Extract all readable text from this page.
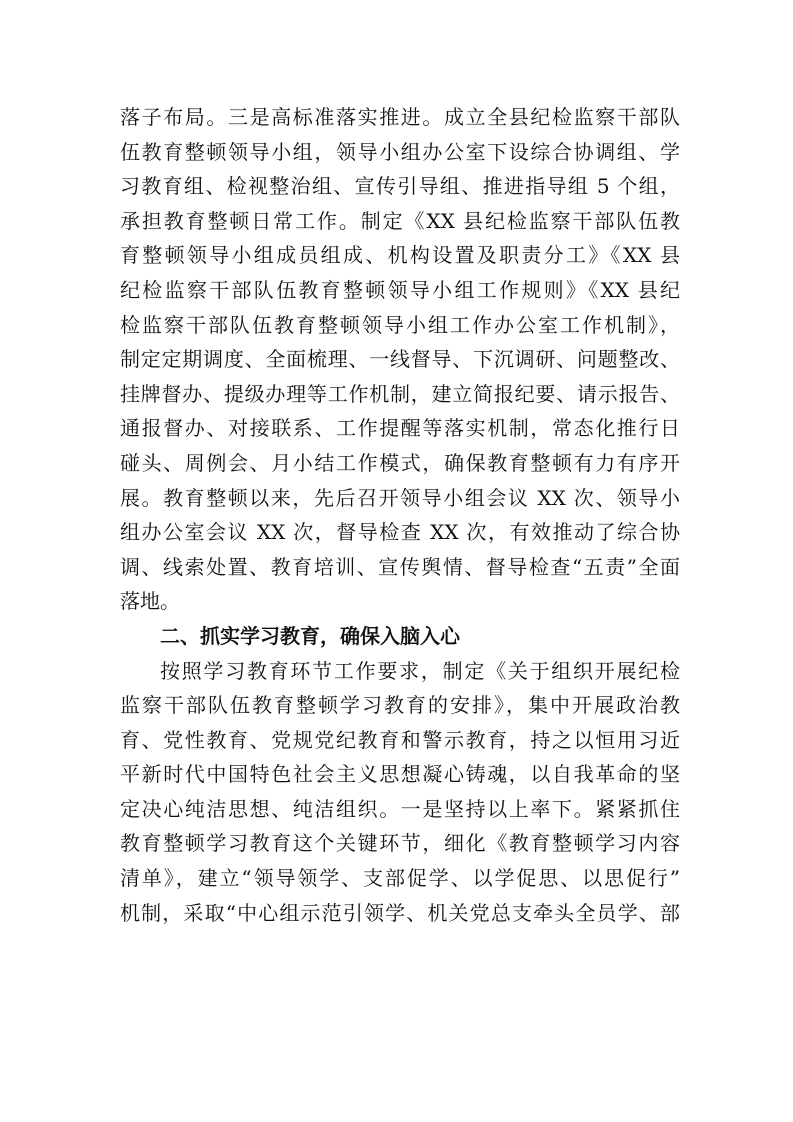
落子布局。三是高标准落实推进。成立全县纪检监察干部队
伍教育整顿领导小组，领导小组办公室下设综合协调组、学
习教育组、检视整治组、宣传引导组、推进指导组 5 个组，
承担教育整顿日常工作。制定《XX 县纪检监察干部队伍教
育整顿领导小组成员组成、机构设置及职责分工》《XX 县
纪检监察干部队伍教育整顿领导小组工作规则》《XX 县纪
检监察干部队伍教育整顿领导小组工作办公室工作机制》，
制定定期调度、全面梳理、一线督导、下沉调研、问题整改、
挂牌督办、提级办理等工作机制，建立简报纪要、请示报告、
通报督办、对接联系、工作提醒等落实机制，常态化推行日
碰头、周例会、月小结工作模式，确保教育整顿有力有序开
展。教育整顿以来，先后召开领导小组会议 XX 次、领导小
组办公室会议 XX 次，督导检查 XX 次，有效推动了综合协
调、线索处置、教育培训、宣传舆情、督导检查“五责”全面
落地。
二、抓实学习教育，确保入脑入心
按照学习教育环节工作要求，制定《关于组织开展纪检
监察干部队伍教育整顿学习教育的安排》，集中开展政治教
育、党性教育、党规党纪教育和警示教育，持之以恒用习近
平新时代中国特色社会主义思想凝心铸魂，以自我革命的坚
定决心纯洁思想、纯洁组织。一是坚持以上率下。紧紧抓住
教育整顿学习教育这个关键环节，细化《教育整顿学习内容
清单》，建立“领导领学、支部促学、以学促思、以思促行”
机制，采取“中心组示范引领学、机关党总支牵头全员学、部
